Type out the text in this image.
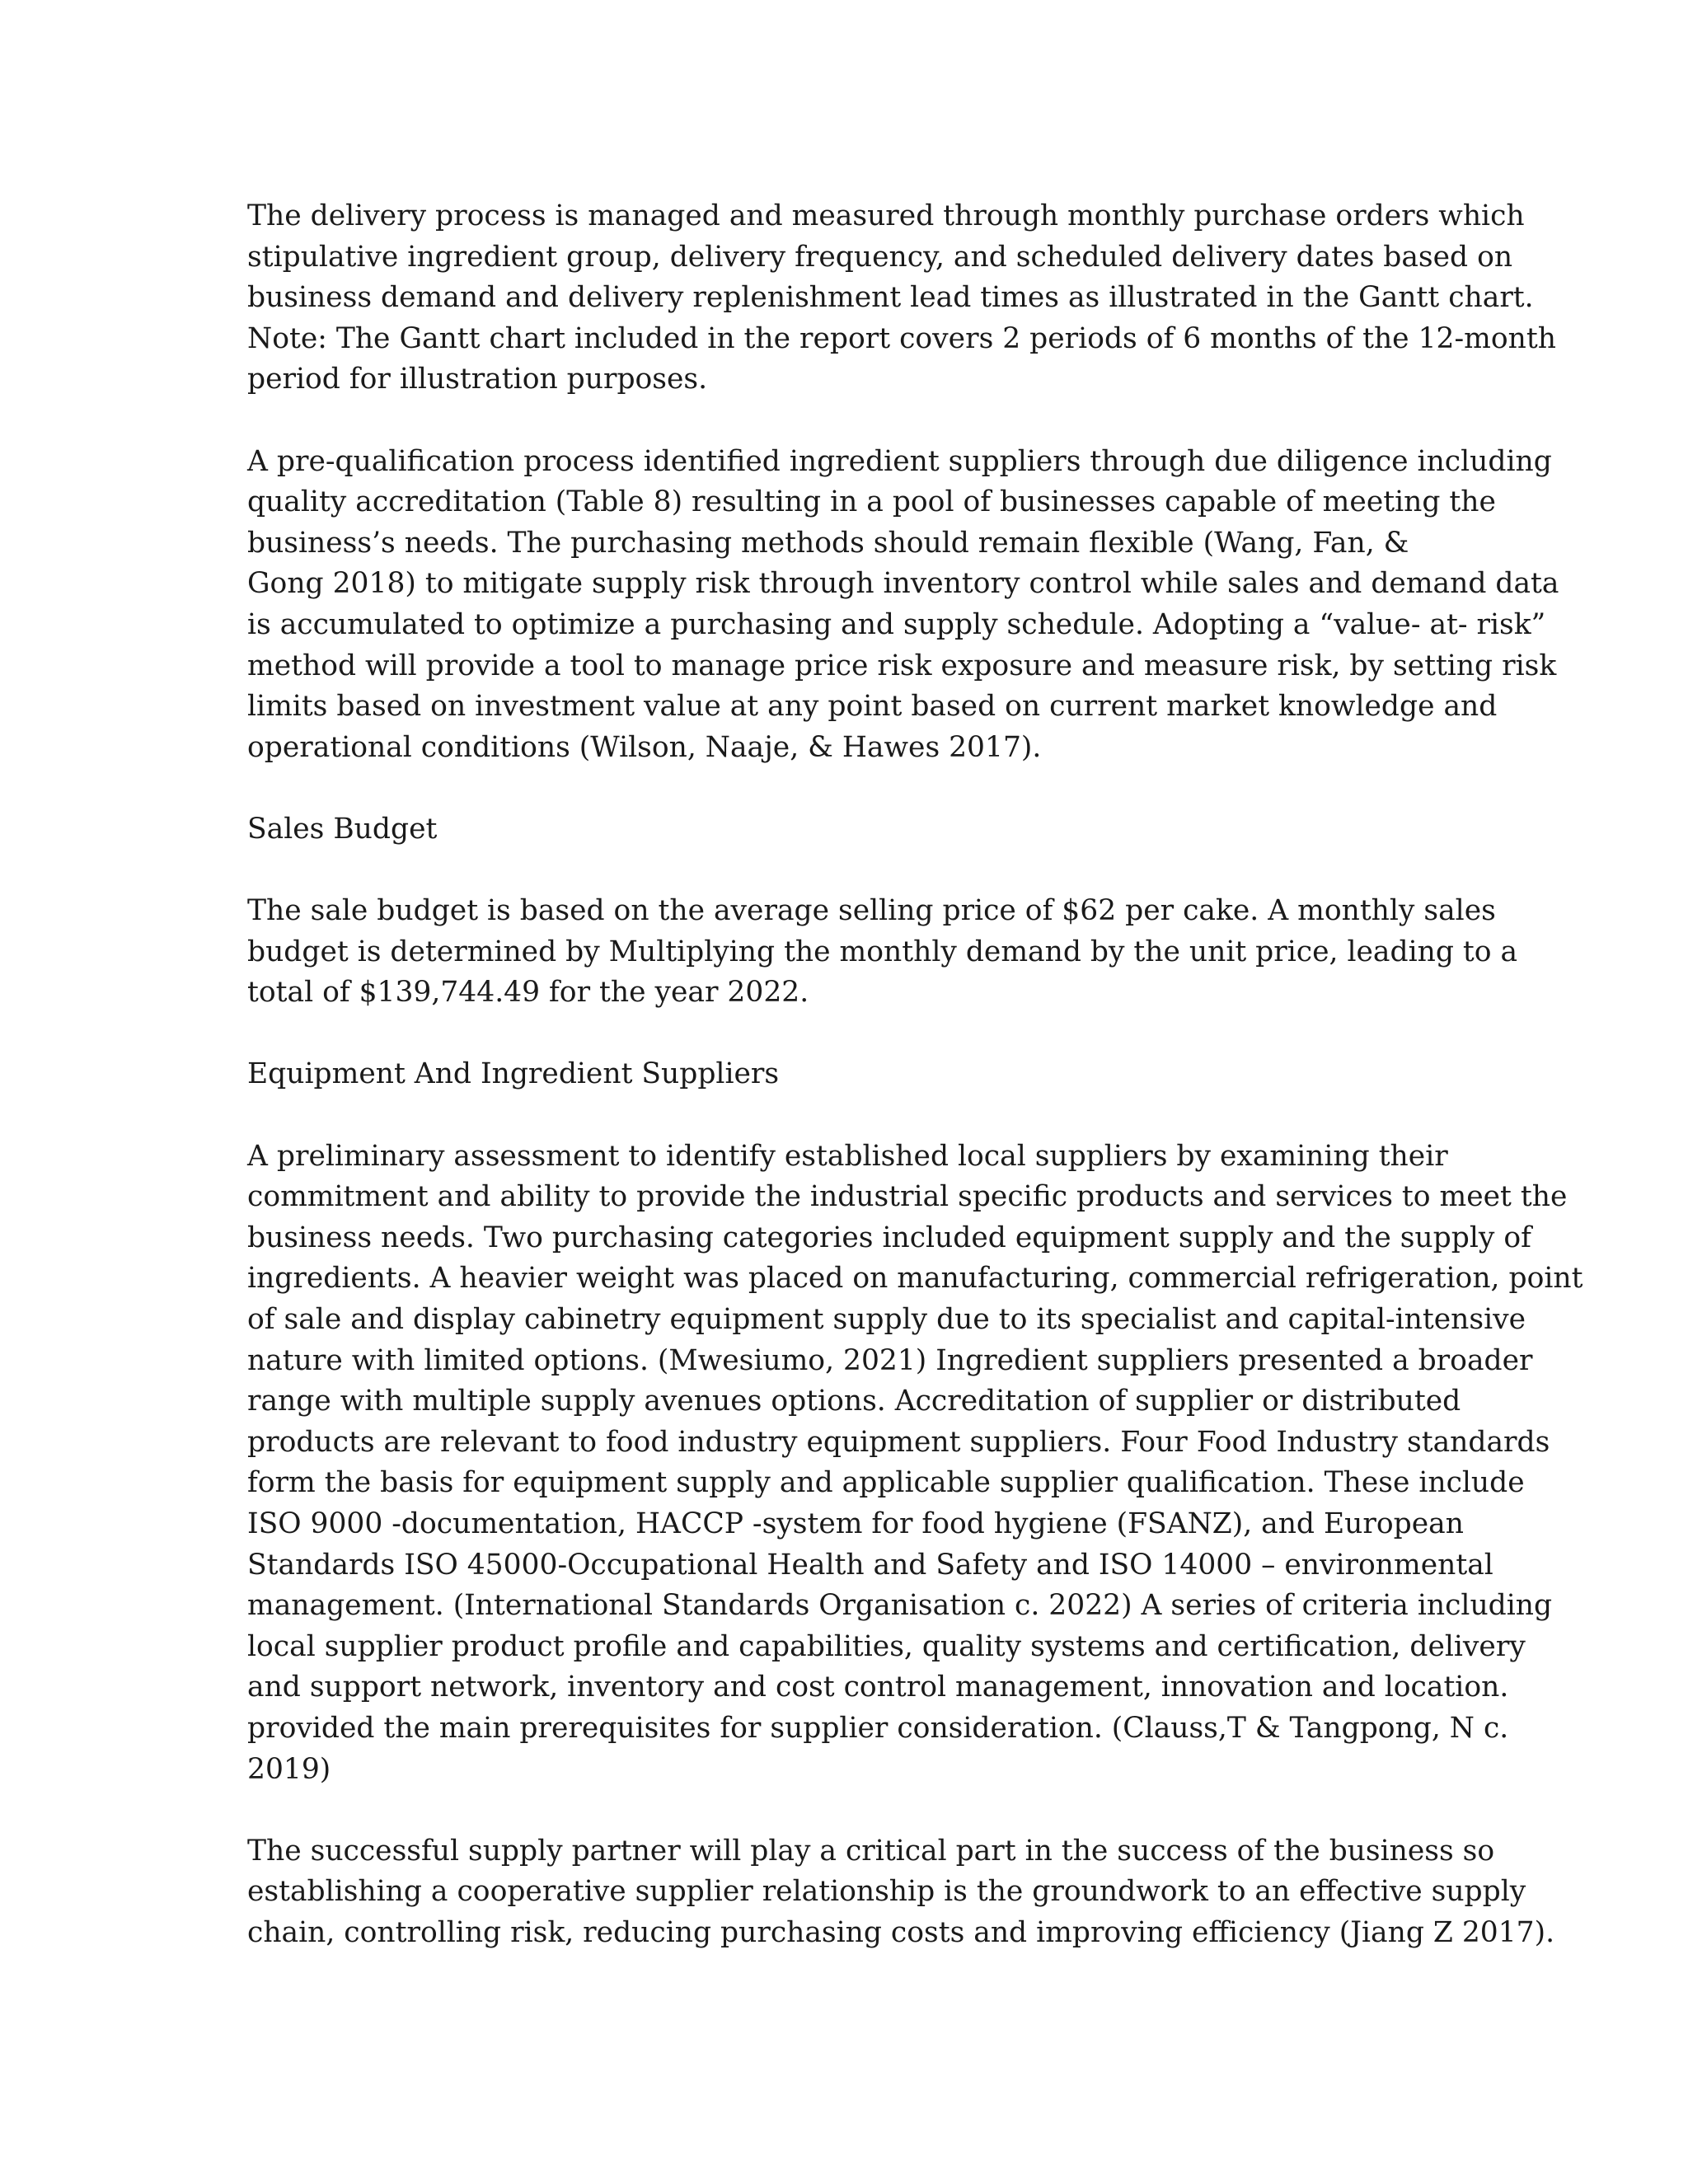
The delivery process is managed and measured through monthly purchase orders which
stipulative ingredient group, delivery frequency, and scheduled delivery dates based on
business demand and delivery replenishment lead times as illustrated in the Gantt chart.
Note: The Gantt chart included in the report covers 2 periods of 6 months of the 12-month
period for illustration purposes.
A pre-qualification process identified ingredient suppliers through due diligence including
quality accreditation (Table 8) resulting in a pool of businesses capable of meeting the
business’s needs. The purchasing methods should remain flexible (Wang, Fan, &
Gong 2018) to mitigate supply risk through inventory control while sales and demand data
is accumulated to optimize a purchasing and supply schedule. Adopting a “value- at- risk”
method will provide a tool to manage price risk exposure and measure risk, by setting risk
limits based on investment value at any point based on current market knowledge and
operational conditions (Wilson, Naaje, & Hawes 2017).
Sales Budget
The sale budget is based on the average selling price of $62 per cake. A monthly sales
budget is determined by Multiplying the monthly demand by the unit price, leading to a
total of $139,744.49 for the year 2022.
Equipment And Ingredient Suppliers
A preliminary assessment to identify established local suppliers by examining their
commitment and ability to provide the industrial specific products and services to meet the
business needs. Two purchasing categories included equipment supply and the supply of
ingredients. A heavier weight was placed on manufacturing, commercial refrigeration, point
of sale and display cabinetry equipment supply due to its specialist and capital-intensive
nature with limited options. (Mwesiumo, 2021) Ingredient suppliers presented a broader
range with multiple supply avenues options. Accreditation of supplier or distributed
products are relevant to food industry equipment suppliers. Four Food Industry standards
form the basis for equipment supply and applicable supplier qualification. These include
ISO 9000 -documentation, HACCP -system for food hygiene (FSANZ), and European
Standards ISO 45000-Occupational Health and Safety and ISO 14000 – environmental
management. (International Standards Organisation c. 2022) A series of criteria including
local supplier product profile and capabilities, quality systems and certification, delivery
and support network, inventory and cost control management, innovation and location.
provided the main prerequisites for supplier consideration. (Clauss,T & Tangpong, N c.
2019)
The successful supply partner will play a critical part in the success of the business so
establishing a cooperative supplier relationship is the groundwork to an effective supply
chain, controlling risk, reducing purchasing costs and improving efficiency (Jiang Z 2017).
